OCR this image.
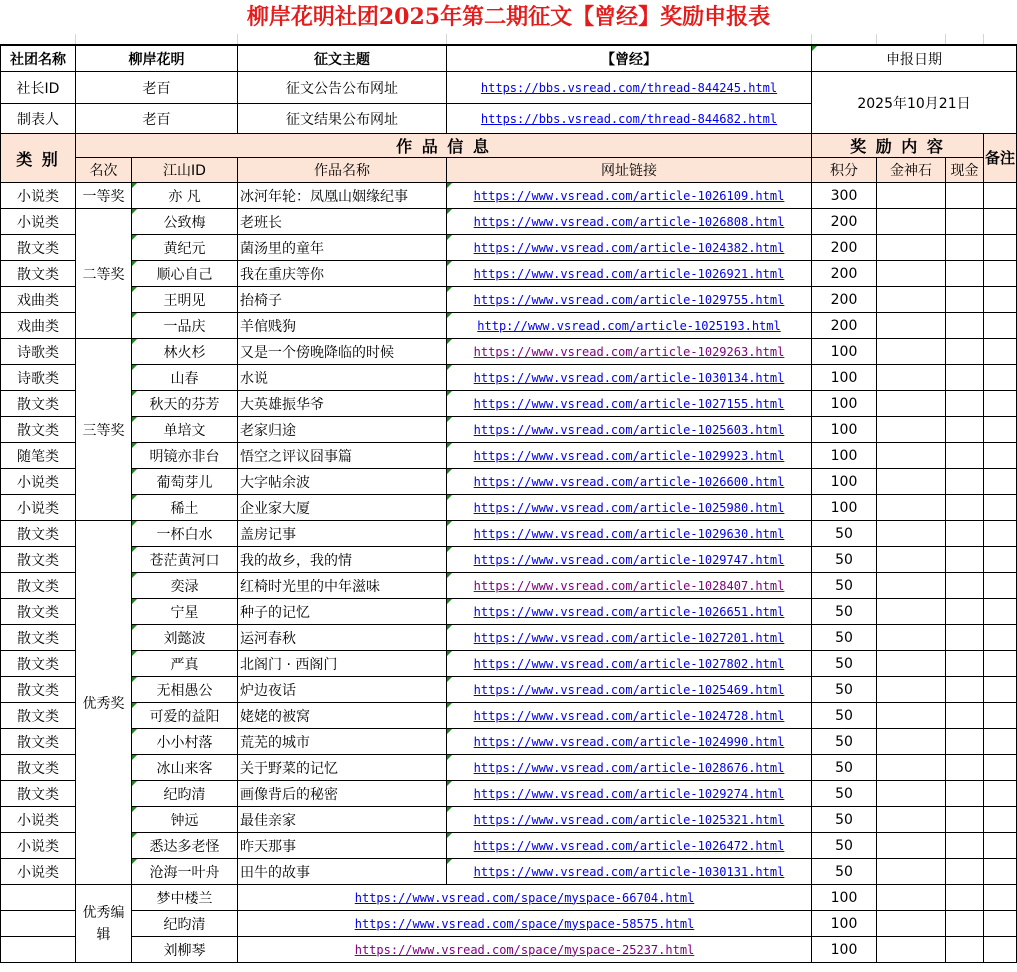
柳岸花明社团2025年第二期征文【曾经】奖励申报表
社团名称	柳岸花明		征文主题	【曾经】	申报日期			
社长ID	老百		征文公告公布网址	https://bbs.vsread.com/thread-844245.html	2025年10月21日			
制表人	老百		征文结果公布网址	https://bbs.vsread.com/thread-844682.html				
类 别	作 品 信 息				奖 励 内 容			备注
	名次	江山ID	作品名称	网址链接	积分	金神石	现金	
小说类	一等奖	亦 凡	冰河年轮：凤凰山姻缘纪事	https://www.vsread.com/article-1026109.html	300			
小说类	二等奖	公致梅	老班长	https://www.vsread.com/article-1026808.html	200			
散文类		黄纪元	菌汤里的童年	https://www.vsread.com/article-1024382.html	200			
散文类		顺心自己	我在重庆等你	https://www.vsread.com/article-1026921.html	200			
戏曲类		王明见	抬椅子	https://www.vsread.com/article-1029755.html	200			
戏曲类		一品庆	羊倌贱狗	http://www.vsread.com/article-1025193.html	200			
诗歌类	三等奖	林火杉	又是一个傍晚降临的时候	https://www.vsread.com/article-1029263.html	100			
诗歌类		山春	水说	https://www.vsread.com/article-1030134.html	100			
散文类		秋天的芬芳	大英雄振华爷	https://www.vsread.com/article-1027155.html	100			
散文类		单培文	老家归途	https://www.vsread.com/article-1025603.html	100			
随笔类		明镜亦非台	悟空之评议囧事篇	https://www.vsread.com/article-1029923.html	100			
小说类		葡萄芽儿	大字帖余波	https://www.vsread.com/article-1026600.html	100			
小说类		稀土	企业家大厦	https://www.vsread.com/article-1025980.html	100			
散文类	优秀奖	一杯白水	盖房记事	https://www.vsread.com/article-1029630.html	50			
散文类		苍茫黄河口	我的故乡，我的情	https://www.vsread.com/article-1029747.html	50			
散文类		奕渌	红椅时光里的中年滋味	https://www.vsread.com/article-1028407.html	50			
散文类		宁星	种子的记忆	https://www.vsread.com/article-1026651.html	50			
散文类		刘懿波	运河春秋	https://www.vsread.com/article-1027201.html	50			
散文类		严真	北阁门 · 西阁门	https://www.vsread.com/article-1027802.html	50			
散文类		无相愚公	炉边夜话	https://www.vsread.com/article-1025469.html	50			
散文类		可爱的益阳	姥姥的被窝	https://www.vsread.com/article-1024728.html	50			
散文类		小小村落	荒芜的城市	https://www.vsread.com/article-1024990.html	50			
散文类		冰山来客	关于野菜的记忆	https://www.vsread.com/article-1028676.html	50			
散文类		纪昀清	画像背后的秘密	https://www.vsread.com/article-1029274.html	50			
小说类		钟远	最佳亲家	https://www.vsread.com/article-1025321.html	50			
小说类		悉达多老怪	昨天那事	https://www.vsread.com/article-1026472.html	50			
小说类		沧海一叶舟	田牛的故事	https://www.vsread.com/article-1030131.html	50			
	优秀编辑	梦中楼兰	https://www.vsread.com/space/myspace-66704.html		100			
		纪昀清	https://www.vsread.com/space/myspace-58575.html		100			
		刘柳琴	https://www.vsread.com/space/myspace-25237.html		100			
